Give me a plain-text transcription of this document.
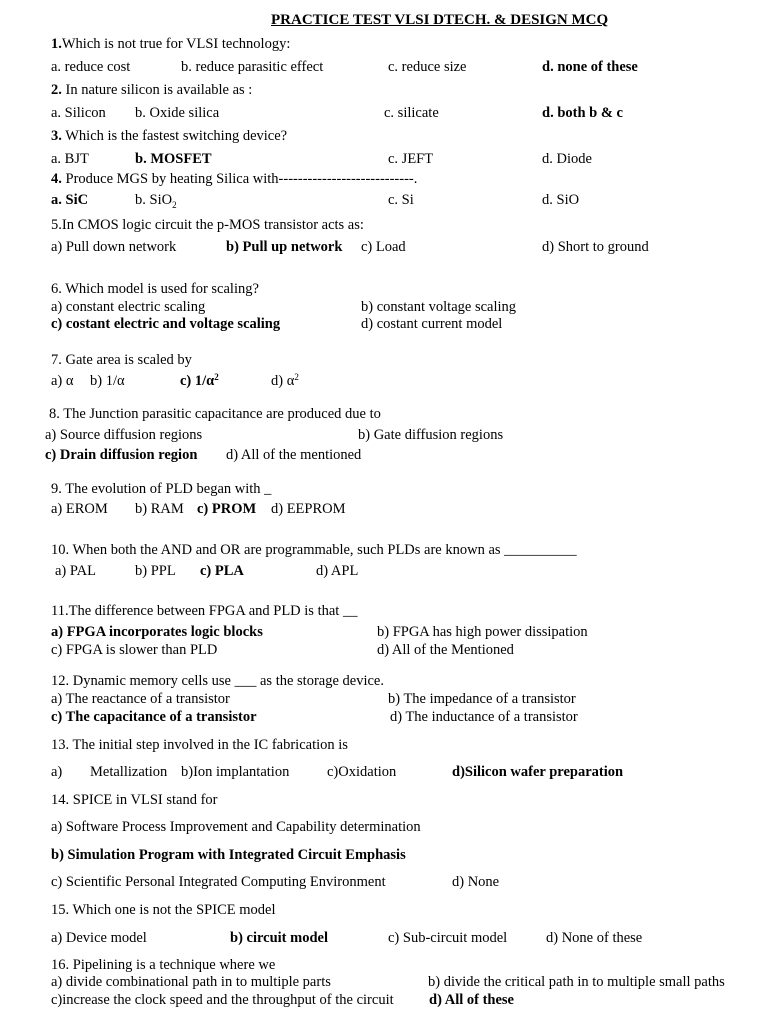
PRACTICE TEST VLSI DTECH. & DESIGN MCQ
1.Which is not true for VLSI technology:
a. reduce cost	b. reduce parasitic effect	c. reduce size	d. none of these
2. In nature silicon is available as :
a. Silicon b. Oxide silica	c. silicate	d. both b & c
3. Which is the fastest switching device?
a. BJT	b. MOSFET	c. JEFT	d. Diode
4. Produce MGS by heating Silica with----------------------------.
a. SiC	b. SiO$_2$	c. Si	d. SiO
5.In CMOS logic circuit the p-MOS transistor acts as:
a) Pull down network	b) Pull up network c) Load	d) Short to ground
6. Which model is used for scaling?
a) constant electric scaling	b) constant voltage scaling
c) costant electric and voltage scaling	d) costant current model
7. Gate area is scaled by
a) α b) 1/α	c) $1/\alpha^2$	d) $\alpha^2$
8. The Junction parasitic capacitance are produced due to
a) Source diffusion regions	b) Gate diffusion regions
c) Drain diffusion region d) All of the mentioned
9. The evolution of PLD began with _
a) EROM b) RAM c) PROM d) EEPROM
10. When both the AND and OR are programmable, such PLDs are known as __________
a) PAL	b) PPL c) PLA	d) APL
11.The difference between FPGA and PLD is that __
a) FPGA incorporates logic blocks	b) FPGA has high power dissipation
c) FPGA is slower than PLD	d) All of the Mentioned
12. Dynamic memory cells use ___ as the storage device.
a) The reactance of a transistor	b) The impedance of a transistor
c) The capacitance of a transistor	d) The inductance of a transistor
13. The initial step involved in the IC fabrication is
a) Metallization b)Ion implantation	c)Oxidation	d)Silicon wafer preparation
14. SPICE in VLSI stand for
a) Software Process Improvement and Capability determination
b) Simulation Program with Integrated Circuit Emphasis
c) Scientific Personal Integrated Computing Environment	d) None
15. Which one is not the SPICE model
a) Device model	b) circuit model	c) Sub-circuit model	d) None of these
16. Pipelining is a technique where we
a) divide combinational path in to multiple parts	b) divide the critical path in to multiple small paths
c)increase the clock speed and the throughput of the circuit d) All of these
